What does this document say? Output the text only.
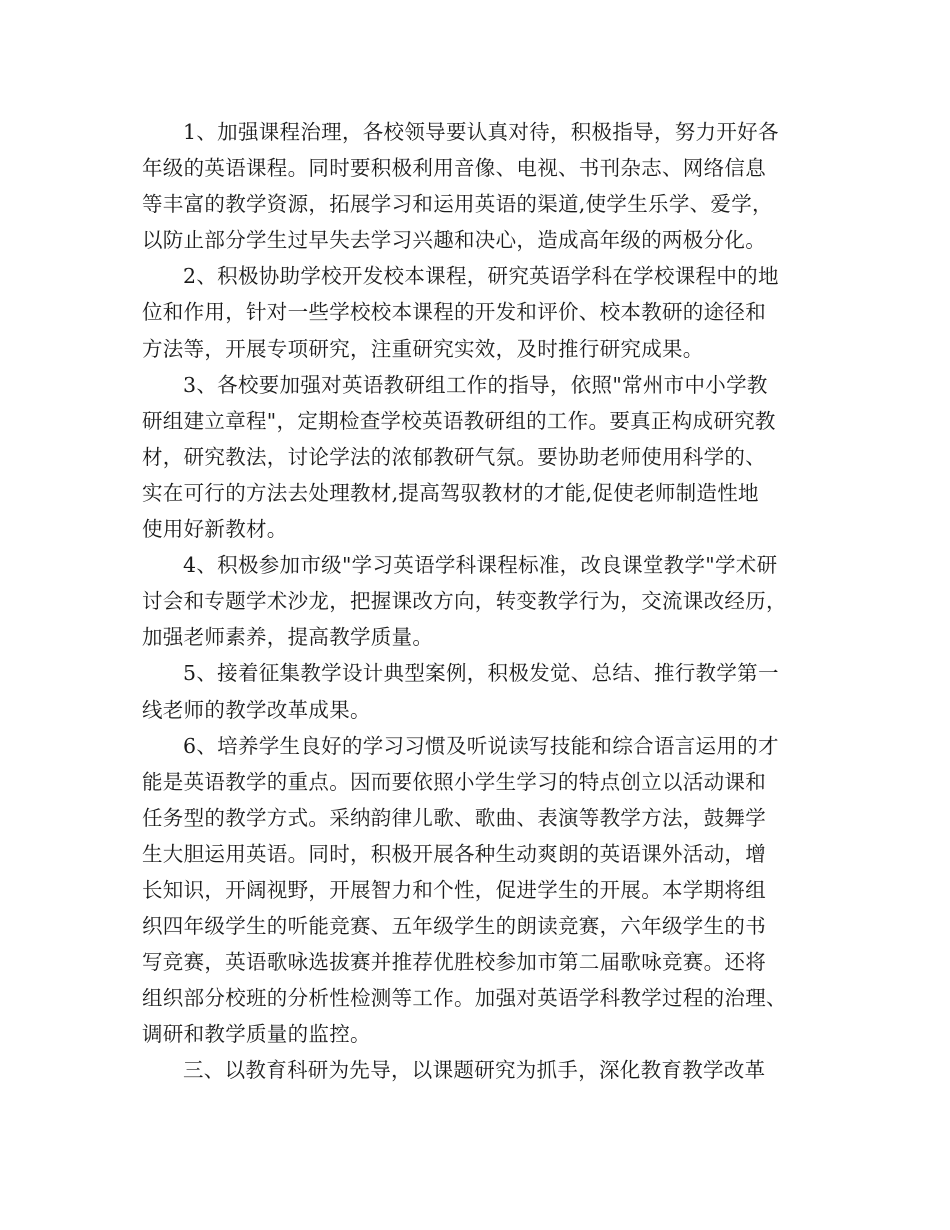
1、加强课程治理，各校领导要认真对待，积极指导，努力开好各
年级的英语课程。同时要积极利用音像、电视、书刊杂志、网络信息
等丰富的教学资源，拓展学习和运用英语的渠道,使学生乐学、爱学，
以防止部分学生过早失去学习兴趣和决心，造成高年级的两极分化。
2、积极协助学校开发校本课程，研究英语学科在学校课程中的地
位和作用，针对一些学校校本课程的开发和评价、校本教研的途径和
方法等，开展专项研究，注重研究实效，及时推行研究成果。
3、各校要加强对英语教研组工作的指导，依照"常州市中小学教
研组建立章程"，定期检查学校英语教研组的工作。要真正构成研究教
材，研究教法，讨论学法的浓郁教研气氛。要协助老师使用科学的、
实在可行的方法去处理教材,提高驾驭教材的才能,促使老师制造性地
使用好新教材。
4、积极参加市级"学习英语学科课程标准，改良课堂教学"学术研
讨会和专题学术沙龙，把握课改方向，转变教学行为，交流课改经历，
加强老师素养，提高教学质量。
5、接着征集教学设计典型案例，积极发觉、总结、推行教学第一
线老师的教学改革成果。
6、培养学生良好的学习习惯及听说读写技能和综合语言运用的才
能是英语教学的重点。因而要依照小学生学习的特点创立以活动课和
任务型的教学方式。采纳韵律儿歌、歌曲、表演等教学方法，鼓舞学
生大胆运用英语。同时，积极开展各种生动爽朗的英语课外活动，增
长知识，开阔视野，开展智力和个性，促进学生的开展。本学期将组
织四年级学生的听能竞赛、五年级学生的朗读竞赛，六年级学生的书
写竞赛，英语歌咏选拔赛并推荐优胜校参加市第二届歌咏竞赛。还将
组织部分校班的分析性检测等工作。加强对英语学科教学过程的治理、
调研和教学质量的监控。
三、以教育科研为先导，以课题研究为抓手，深化教育教学改革
